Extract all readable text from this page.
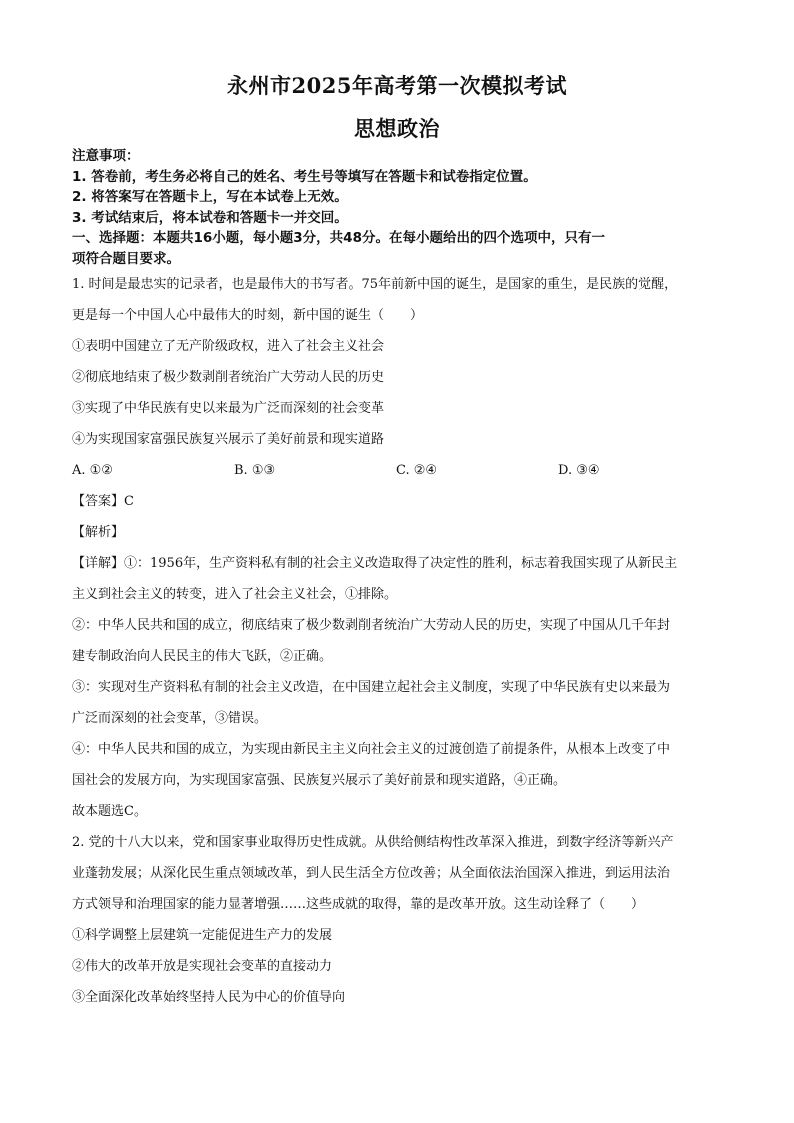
永州市2025年高考第一次模拟考试
思想政治

注意事项：

1. 答卷前，考生务必将自己的姓名、考生号等填写在答题卡和试卷指定位置。

2. 将答案写在答题卡上，写在本试卷上无效。

3. 考试结束后，将本试卷和答题卡一并交回。

一、选择题：本题共16小题，每小题3分，共48分。在每小题给出的四个选项中，只有一

项符合题目要求。

1. 时间是最忠实的记录者，也是最伟大的书写者。75年前新中国的诞生，是国家的重生，是民族的觉醒，

更是每一个中国人心中最伟大的时刻，新中国的诞生（　　）

①表明中国建立了无产阶级政权，进入了社会主义社会

②彻底地结束了极少数剥削者统治广大劳动人民的历史

③实现了中华民族有史以来最为广泛而深刻的社会变革

④为实现国家富强民族复兴展示了美好前景和现实道路

A. ①②	B. ①③	C. ②④	D. ③④

【答案】C

【解析】

【详解】①：1956年，生产资料私有制的社会主义改造取得了决定性的胜利，标志着我国实现了从新民主

主义到社会主义的转变，进入了社会主义社会，①排除。

②：中华人民共和国的成立，彻底结束了极少数剥削者统治广大劳动人民的历史，实现了中国从几千年封

建专制政治向人民民主的伟大飞跃，②正确。

③：实现对生产资料私有制的社会主义改造，在中国建立起社会主义制度，实现了中华民族有史以来最为

广泛而深刻的社会变革，③错误。

④：中华人民共和国的成立，为实现由新民主主义向社会主义的过渡创造了前提条件，从根本上改变了中

国社会的发展方向，为实现国家富强、民族复兴展示了美好前景和现实道路，④正确。

故本题选C。

2. 党的十八大以来，党和国家事业取得历史性成就。从供给侧结构性改革深入推进，到数字经济等新兴产

业蓬勃发展；从深化民生重点领域改革，到人民生活全方位改善；从全面依法治国深入推进，到运用法治

方式领导和治理国家的能力显著增强……这些成就的取得，靠的是改革开放。这生动诠释了（　　）

①科学调整上层建筑一定能促进生产力的发展

②伟大的改革开放是实现社会变革的直接动力

③全面深化改革始终坚持人民为中心的价值导向
